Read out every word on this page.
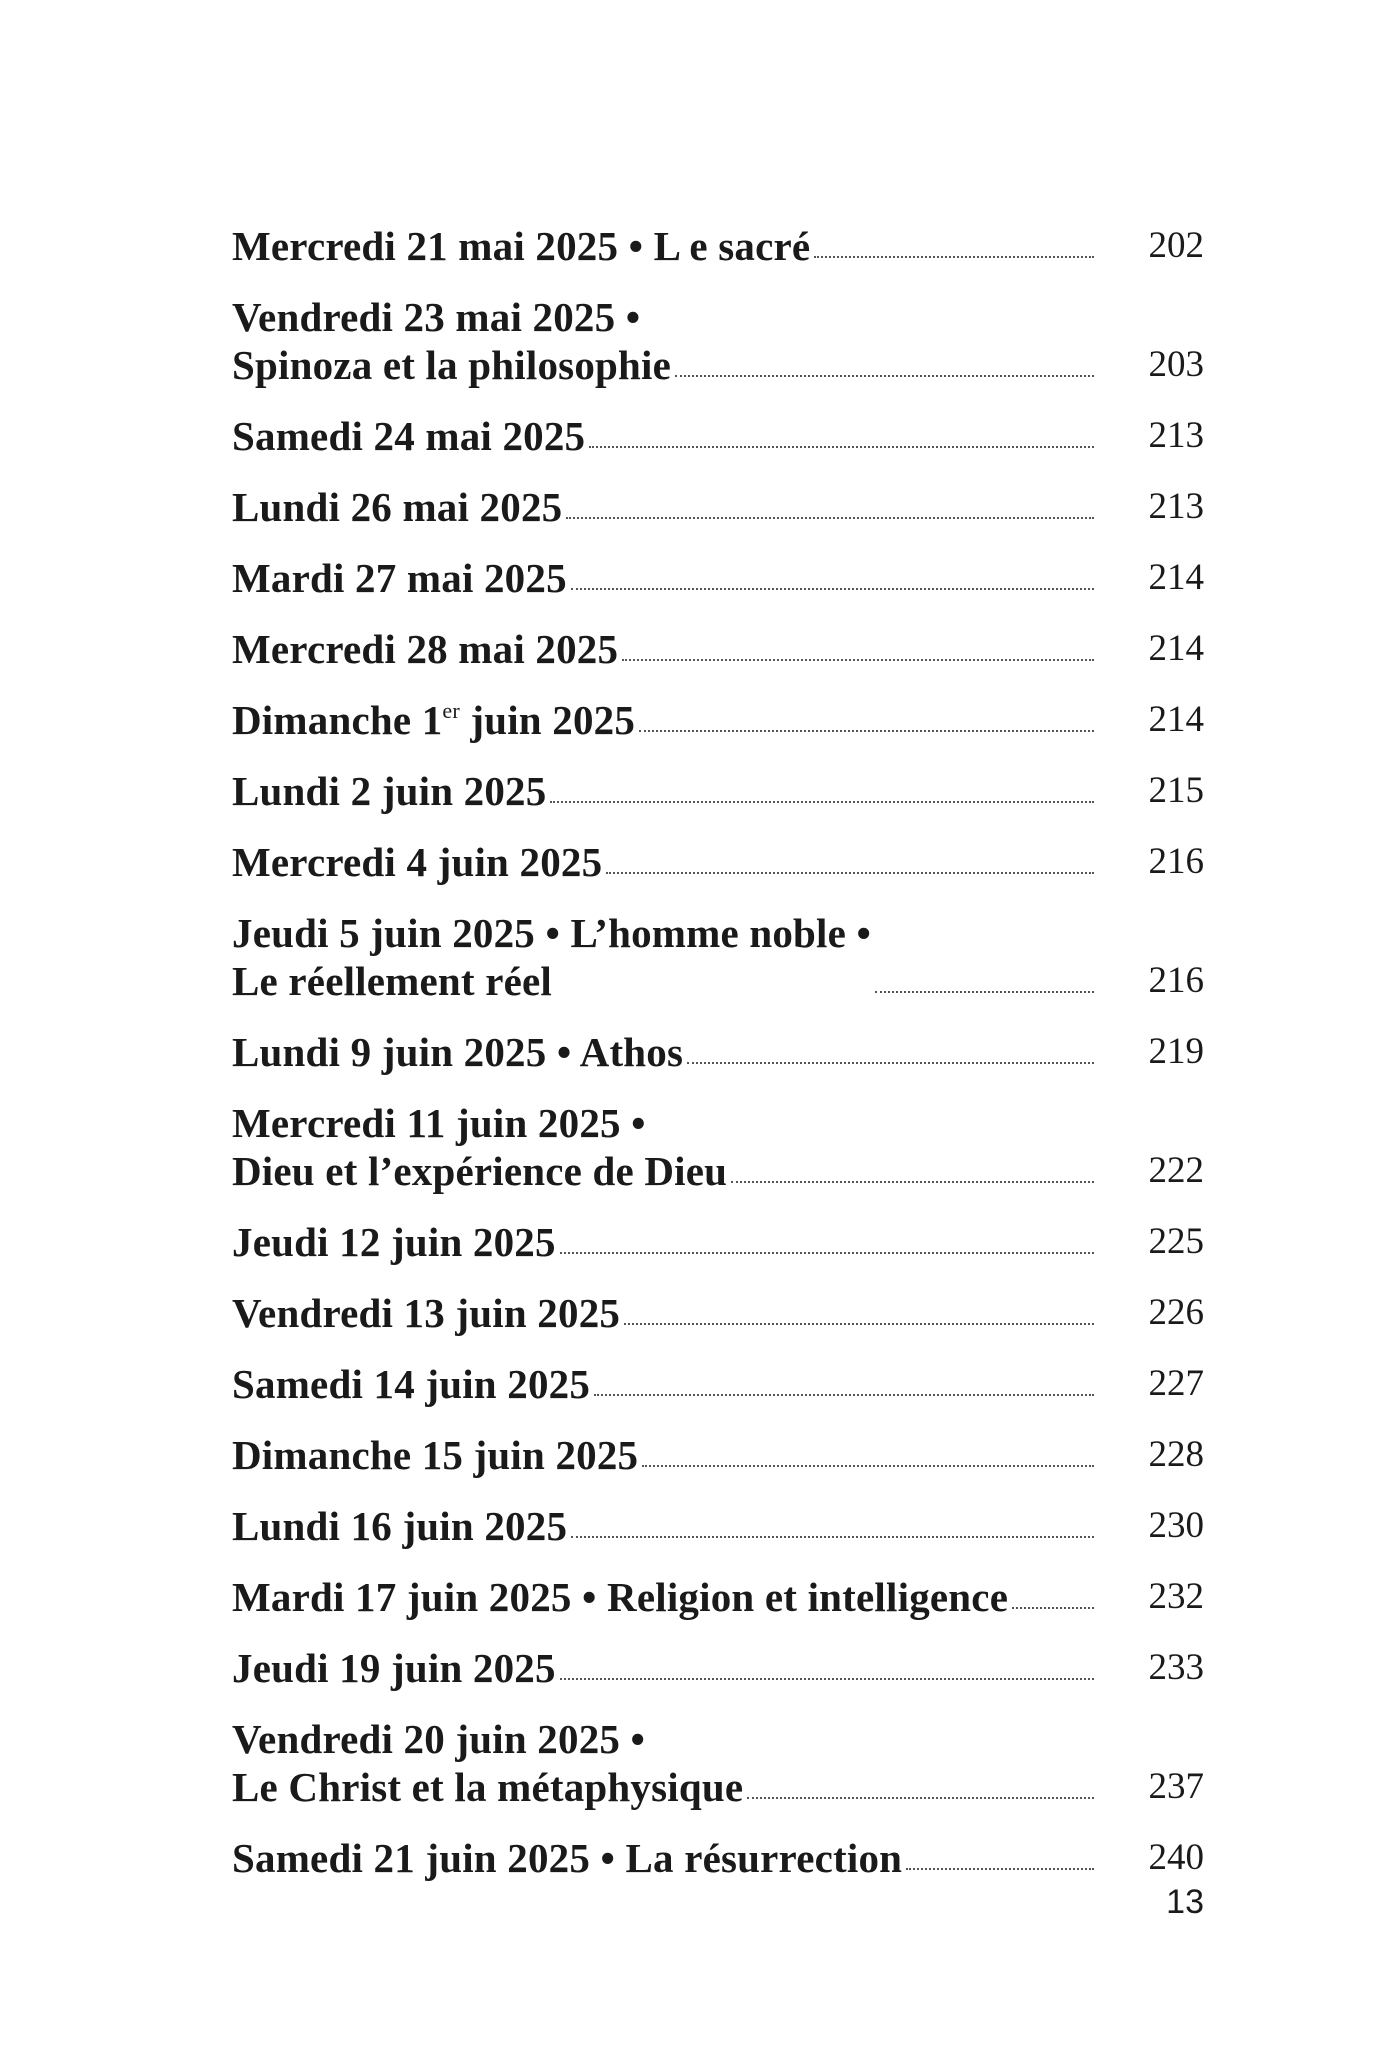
Mercredi 21 mai 2025 • L e sacré	202
Vendredi 23 mai 2025 •
Spinoza et la philosophie	203
Samedi 24 mai 2025	213
Lundi 26 mai 2025	213
Mardi 27 mai 2025	214
Mercredi 28 mai 2025	214
Dimanche 1er juin 2025	214
Lundi 2 juin 2025	215
Mercredi 4 juin 2025	216
Jeudi 5 juin 2025 • L’homme noble •
Le réellement réel	216
Lundi 9 juin 2025 • Athos	219
Mercredi 11 juin 2025 •
Dieu et l’expérience de Dieu	222
Jeudi 12 juin 2025	225
Vendredi 13 juin 2025	226
Samedi 14 juin 2025	227
Dimanche 15 juin 2025	228
Lundi 16 juin 2025	230
Mardi 17 juin 2025 • Religion et intelligence	232
Jeudi 19 juin 2025	233
Vendredi 20 juin 2025 •
Le Christ et la métaphysique	237
Samedi 21 juin 2025 • La résurrection	240
13
